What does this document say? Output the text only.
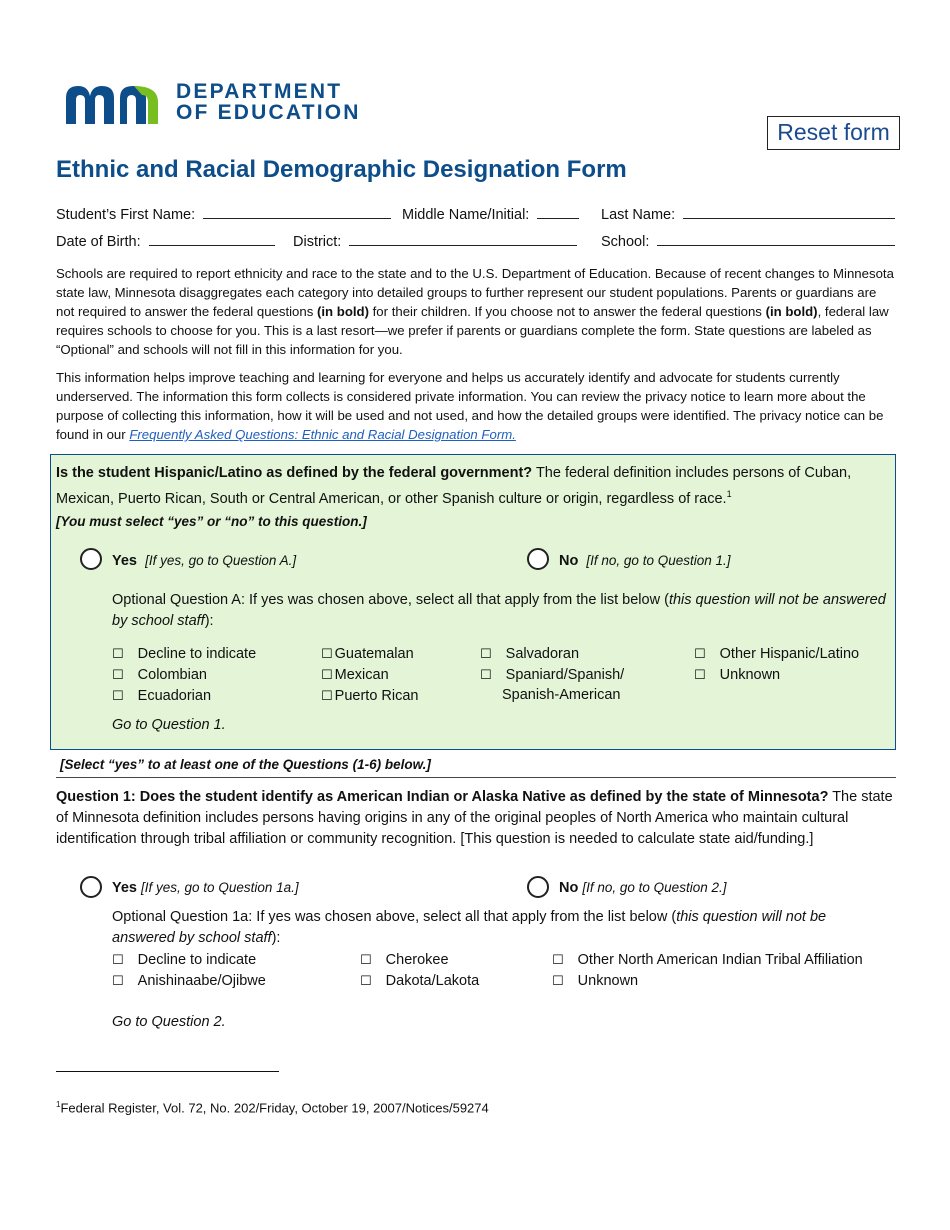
DEPARTMENT
OF EDUCATION
Reset form
Ethnic and Racial Demographic Designation Form
Student’s First Name:	Middle Name/Initial:	Last Name:
Date of Birth:	District:	School:
Schools are required to report ethnicity and race to the state and to the U.S. Department of Education. Because of recent changes to Minnesota state law, Minnesota disaggregates each category into detailed groups to further represent our student populations. Parents or guardians are not required to answer the federal questions (in bold) for their children. If you choose not to answer the federal questions (in bold), federal law requires schools to choose for you. This is a last resort—we prefer if parents or guardians complete the form. State questions are labeled as “Optional” and schools will not fill in this information for you.
This information helps improve teaching and learning for everyone and helps us accurately identify and advocate for students currently underserved. The information this form collects is considered private information. You can review the privacy notice to learn more about the purpose of collecting this information, how it will be used and not used, and how the detailed groups were identified. The privacy notice can be found in our Frequently Asked Questions: Ethnic and Racial Designation Form.
Is the student Hispanic/Latino as defined by the federal government? The federal definition includes persons of Cuban, Mexican, Puerto Rican, South or Central American, or other Spanish culture or origin, regardless of race.$^1$
[You must select “yes” or “no” to this question.]
Yes [If yes, go to Question A.]	No [If no, go to Question 1.]
Optional Question A: If yes was chosen above, select all that apply from the list below (this question will not be answered by school staff):
☐ Decline to indicate
☐ Colombian
☐ Ecuadorian
☐ Guatemalan
☐ Mexican
☐ Puerto Rican
☐ Salvadoran
☐ Spaniard/Spanish/
Spanish-American
☐ Other Hispanic/Latino
☐ Unknown
Go to Question 1.
[Select “yes” to at least one of the Questions (1-6) below.]
Question 1: Does the student identify as American Indian or Alaska Native as defined by the state of Minnesota? The state of Minnesota definition includes persons having origins in any of the original peoples of North America who maintain cultural identification through tribal affiliation or community recognition. [This question is needed to calculate state aid/funding.]
Yes [If yes, go to Question 1a.]	No [If no, go to Question 2.]
Optional Question 1a: If yes was chosen above, select all that apply from the list below (this question will not be answered by school staff):
☐ Decline to indicate
☐ Anishinaabe/Ojibwe
☐ Cherokee
☐ Dakota/Lakota
☐ Other North American Indian Tribal Affiliation
☐ Unknown
Go to Question 2.
$^1$Federal Register, Vol. 72, No. 202/Friday, October 19, 2007/Notices/59274
